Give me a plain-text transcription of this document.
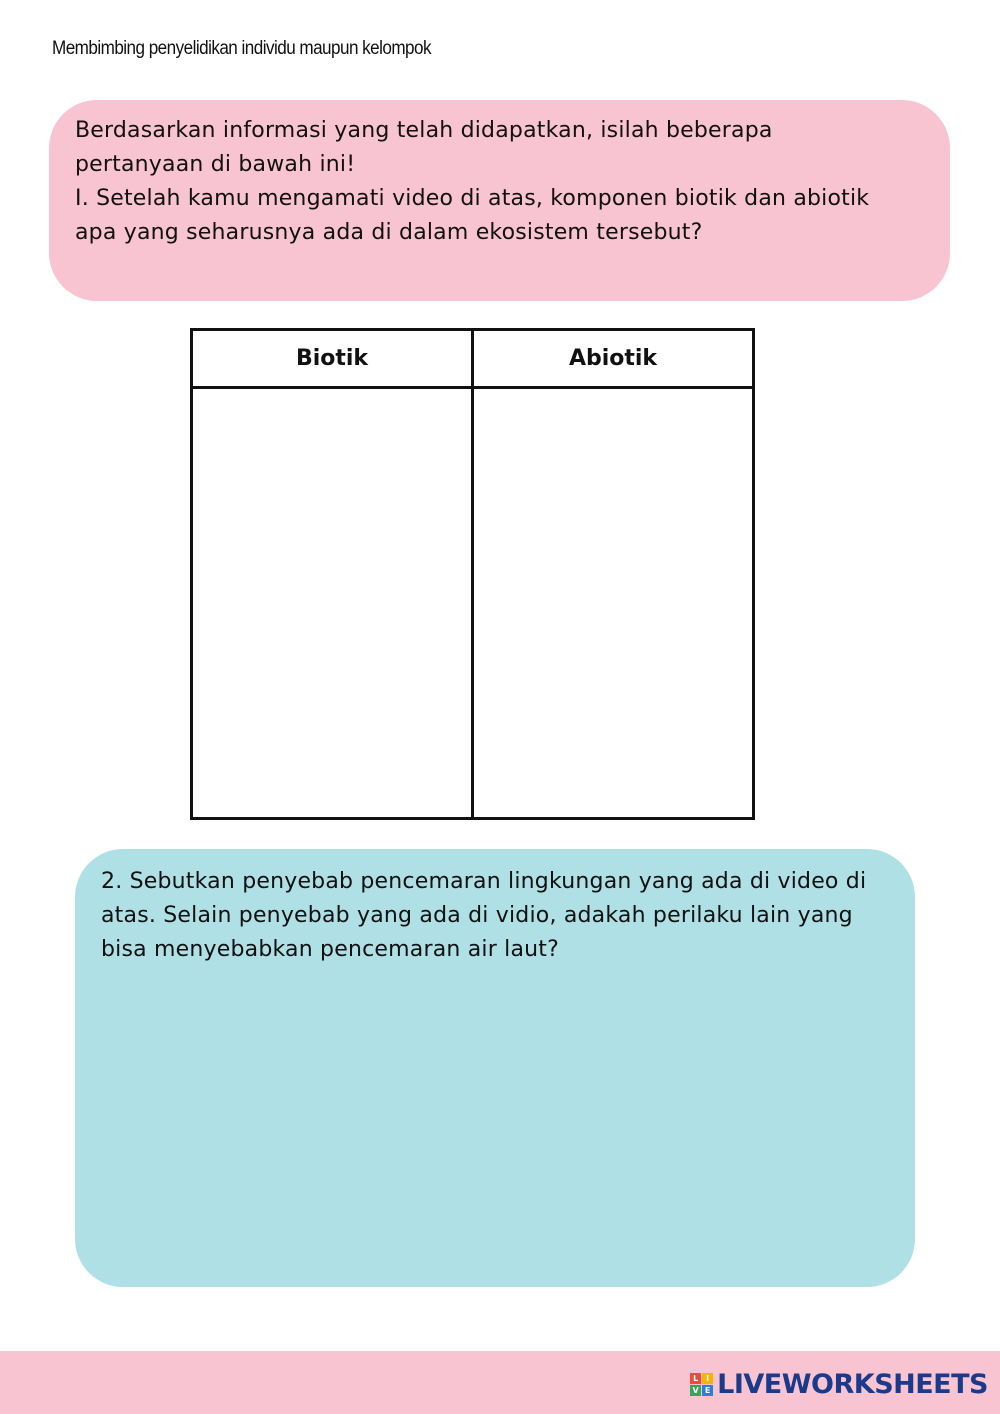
Membimbing penyelidikan individu maupun kelompok

Berdasarkan informasi yang telah didapatkan, isilah beberapa

pertanyaan di bawah ini!

I. Setelah kamu mengamati video di atas, komponen biotik dan abiotik

apa yang seharusnya ada di dalam ekosistem tersebut?

Biotik	Abiotik

2. Sebutkan penyebab pencemaran lingkungan yang ada di video di

atas. Selain penyebab yang ada di vidio, adakah perilaku lain yang

bisa menyebabkan pencemaran air laut?

L I
V E LIVEWORKSHEETS
